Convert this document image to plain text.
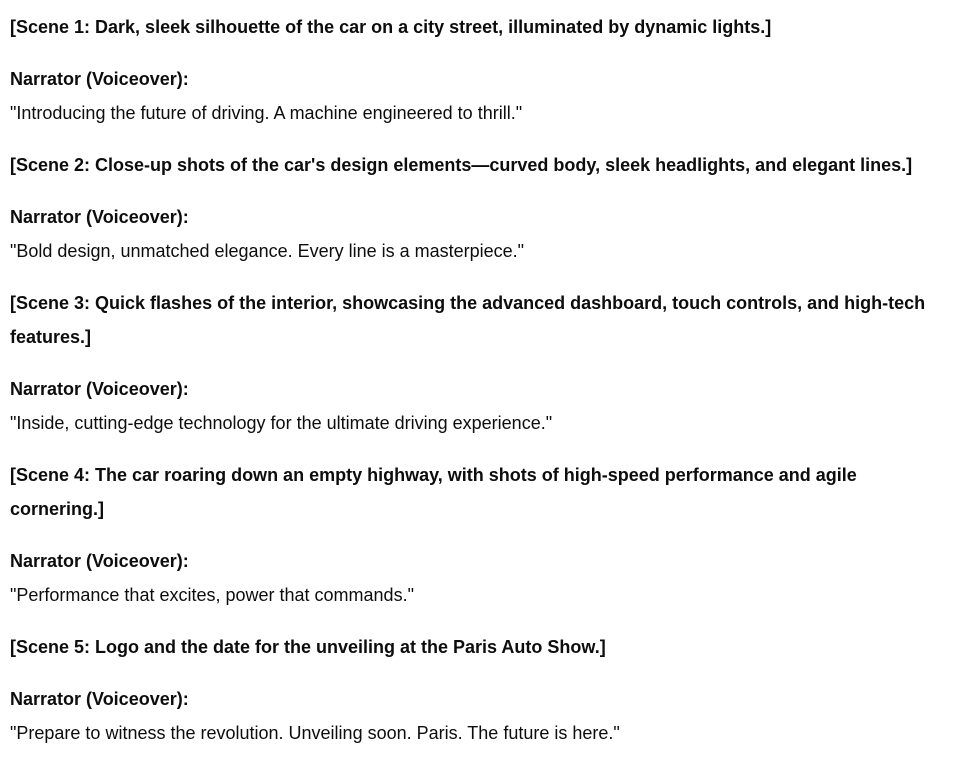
[Scene 1: Dark, sleek silhouette of the car on a city street, illuminated by dynamic lights.]

Narrator (Voiceover):

"Introducing the future of driving. A machine engineered to thrill."

[Scene 2: Close-up shots of the car's design elements—curved body, sleek headlights, and elegant lines.]

Narrator (Voiceover):

"Bold design, unmatched elegance. Every line is a masterpiece."

[Scene 3: Quick flashes of the interior, showcasing the advanced dashboard, touch controls, and high-tech features.]

Narrator (Voiceover):

"Inside, cutting-edge technology for the ultimate driving experience."

[Scene 4: The car roaring down an empty highway, with shots of high-speed performance and agile cornering.]

Narrator (Voiceover):

"Performance that excites, power that commands."

[Scene 5: Logo and the date for the unveiling at the Paris Auto Show.]

Narrator (Voiceover):

"Prepare to witness the revolution. Unveiling soon. Paris. The future is here."
